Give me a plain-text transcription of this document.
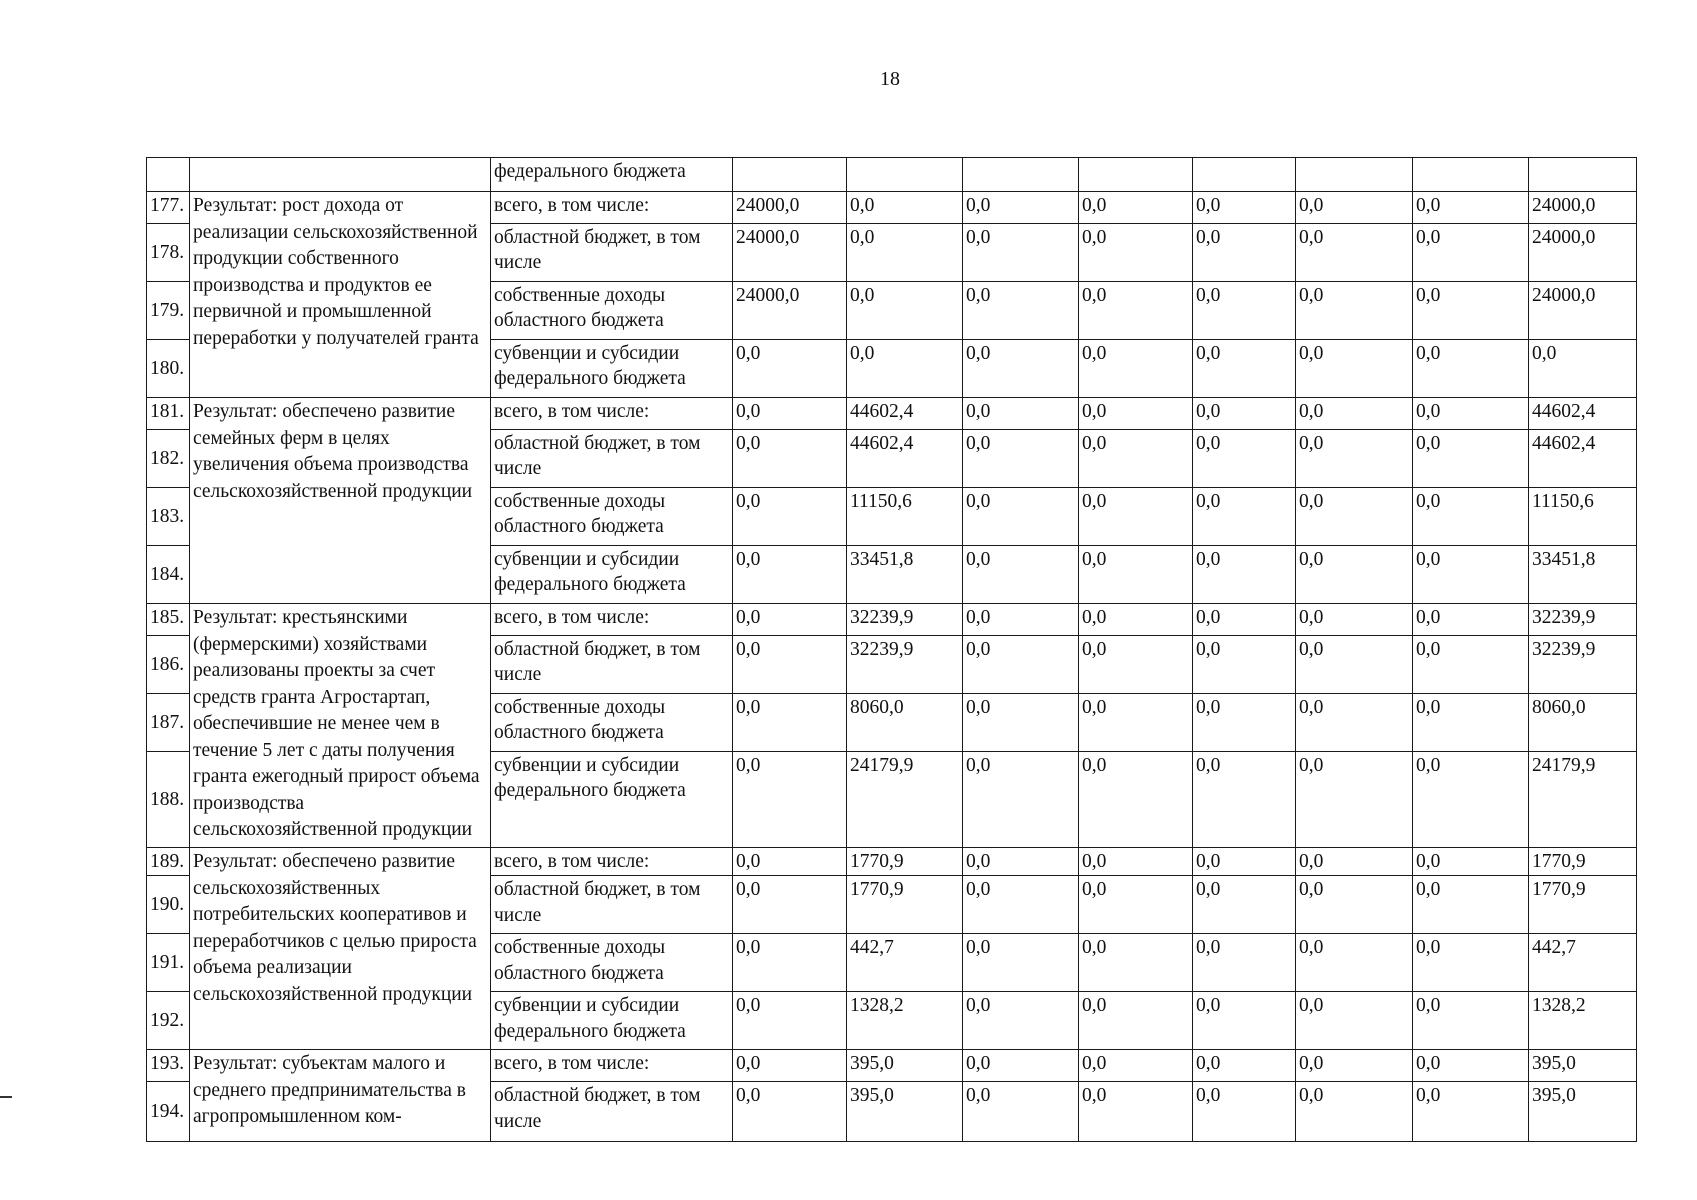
18
		федерального бюджета								
177.	Результат: рост дохода от реализации сельскохозяйственной продукции собственного производства и продуктов ее первичной и промышленной переработки у получателей гранта	всего, в том числе:	24000,0	0,0	0,0	0,0	0,0	0,0	0,0	24000,0
178.		областной бюджет, в том числе	24000,0	0,0	0,0	0,0	0,0	0,0	0,0	24000,0
179.		собственные доходы областного бюджета	24000,0	0,0	0,0	0,0	0,0	0,0	0,0	24000,0
180.		субвенции и субсидии федерального бюджета	0,0	0,0	0,0	0,0	0,0	0,0	0,0	0,0
181.	Результат: обеспечено развитие семейных ферм в целях увеличения объема производства сельскохозяйственной продукции	всего, в том числе:	0,0	44602,4	0,0	0,0	0,0	0,0	0,0	44602,4
182.		областной бюджет, в том числе	0,0	44602,4	0,0	0,0	0,0	0,0	0,0	44602,4
183.		собственные доходы областного бюджета	0,0	11150,6	0,0	0,0	0,0	0,0	0,0	11150,6
184.		субвенции и субсидии федерального бюджета	0,0	33451,8	0,0	0,0	0,0	0,0	0,0	33451,8
185.	Результат: крестьянскими (фермерскими) хозяйствами реализованы проекты за счет средств гранта Агростартап, обеспечившие не менее чем в течение 5 лет с даты получения гранта ежегодный прирост объема производства сельскохозяйственной продукции	всего, в том числе:	0,0	32239,9	0,0	0,0	0,0	0,0	0,0	32239,9
186.		областной бюджет, в том числе	0,0	32239,9	0,0	0,0	0,0	0,0	0,0	32239,9
187.		собственные доходы областного бюджета	0,0	8060,0	0,0	0,0	0,0	0,0	0,0	8060,0
188.		субвенции и субсидии федерального бюджета	0,0	24179,9	0,0	0,0	0,0	0,0	0,0	24179,9
189.	Результат: обеспечено развитие сельскохозяйственных потребительских кооперативов и переработчиков с целью прироста объема реализации сельскохозяйственной продукции	всего, в том числе:	0,0	1770,9	0,0	0,0	0,0	0,0	0,0	1770,9
190.		областной бюджет, в том числе	0,0	1770,9	0,0	0,0	0,0	0,0	0,0	1770,9
191.		собственные доходы областного бюджета	0,0	442,7	0,0	0,0	0,0	0,0	0,0	442,7
192.		субвенции и субсидии федерального бюджета	0,0	1328,2	0,0	0,0	0,0	0,0	0,0	1328,2
193.	Результат: субъектам малого и среднего предпринимательства в агропромышленном ком-	всего, в том числе:	0,0	395,0	0,0	0,0	0,0	0,0	0,0	395,0
194.		областной бюджет, в том числе	0,0	395,0	0,0	0,0	0,0	0,0	0,0	395,0
